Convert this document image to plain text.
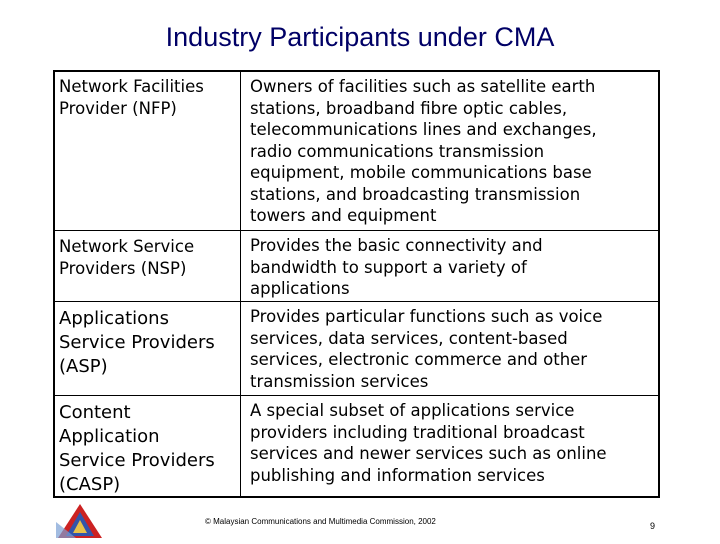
Industry Participants under CMA
Network Facilities
Provider (NFP)
Owners of facilities such as satellite earth
stations, broadband fibre optic cables,
telecommunications lines and exchanges,
radio communications transmission
equipment, mobile communications base
stations, and broadcasting transmission
towers and equipment
Network Service
Providers (NSP)
Provides the basic connectivity and
bandwidth to support a variety of
applications
Applications
Service Providers
(ASP)
Provides particular functions such as voice
services, data services, content-based
services, electronic commerce and other
transmission services
Content
Application
Service Providers
(CASP)
A special subset of applications service
providers including traditional broadcast
services and newer services such as online
publishing and information services
© Malaysian Communications and Multimedia Commission, 2002	9
